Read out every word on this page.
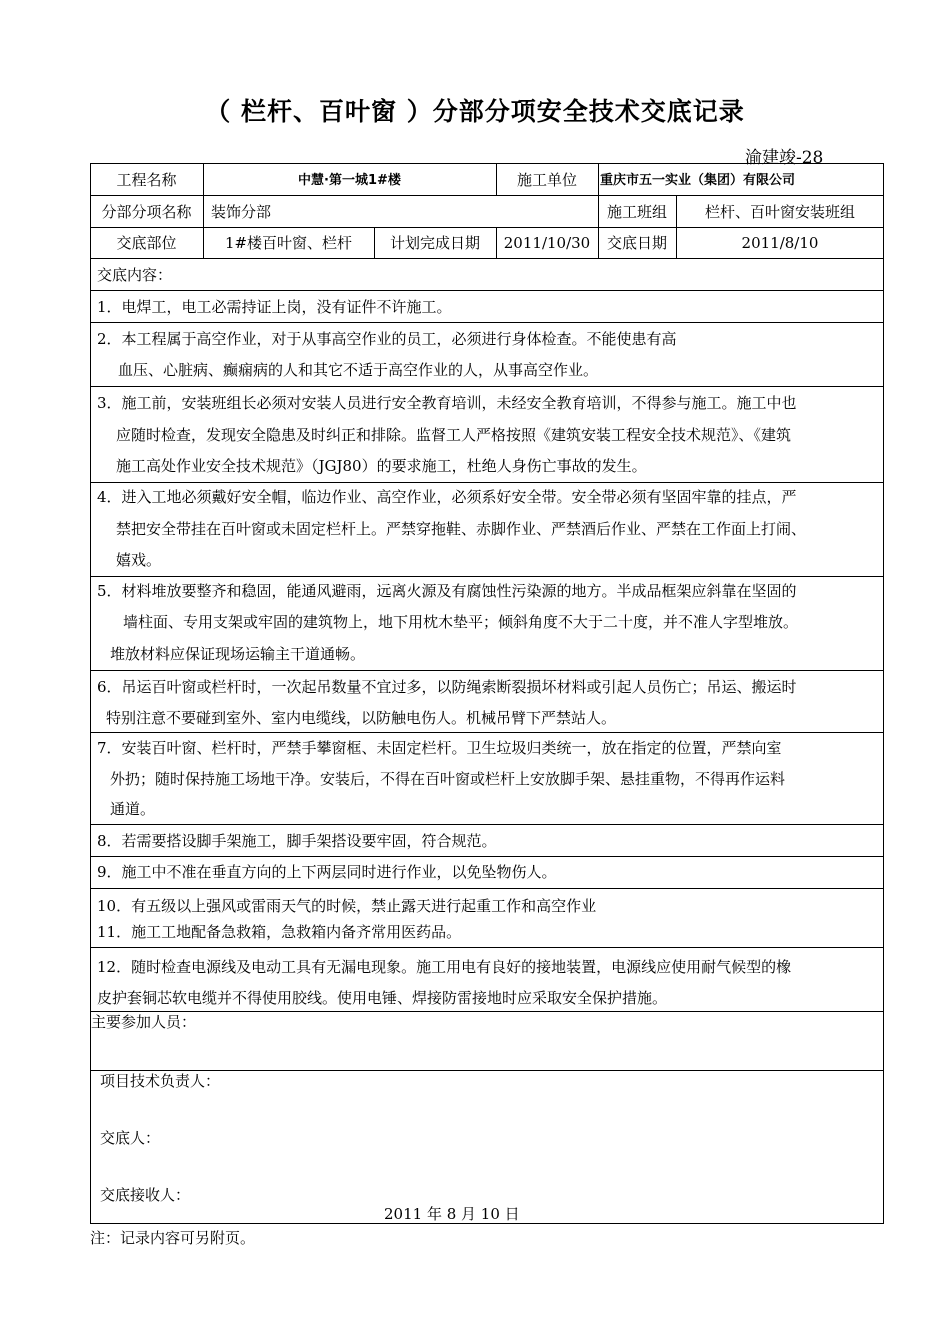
（ 栏杆、百叶窗 ）分部分项安全技术交底记录
渝建竣-28
工程名称	中慧·第一城1#楼	施工单位	重庆市五一实业（集团）有限公司
分部分项名称	装饰分部	施工班组	栏杆、百叶窗安装班组
交底部位	1#楼百叶窗、栏杆	计划完成日期	2011/10/30	交底日期	2011/8/10
交底内容：
1．电焊工，电工必需持证上岗，没有证件不许施工。
2．本工程属于高空作业，对于从事高空作业的员工，必须进行身体检查。不能使患有高
血压、心脏病、癫痫病的人和其它不适于高空作业的人，从事高空作业。
3．施工前，安装班组长必须对安装人员进行安全教育培训，未经安全教育培训，不得参与施工。施工中也
应随时检查，发现安全隐患及时纠正和排除。监督工人严格按照《建筑安装工程安全技术规范》、《建筑
施工高处作业安全技术规范》（JGJ80）的要求施工，杜绝人身伤亡事故的发生。
4．进入工地必须戴好安全帽，临边作业、高空作业，必须系好安全带。安全带必须有坚固牢靠的挂点，严
禁把安全带挂在百叶窗或未固定栏杆上。严禁穿拖鞋、赤脚作业、严禁酒后作业、严禁在工作面上打闹、
嬉戏。
5．材料堆放要整齐和稳固，能通风避雨，远离火源及有腐蚀性污染源的地方。半成品框架应斜靠在坚固的
墙柱面、专用支架或牢固的建筑物上，地下用枕木垫平；倾斜角度不大于二十度，并不准人字型堆放。
堆放材料应保证现场运输主干道通畅。
6．吊运百叶窗或栏杆时，一次起吊数量不宜过多，以防绳索断裂损坏材料或引起人员伤亡；吊运、搬运时
特别注意不要碰到室外、室内电缆线，以防触电伤人。机械吊臂下严禁站人。
7．安装百叶窗、栏杆时，严禁手攀窗框、未固定栏杆。卫生垃圾归类统一，放在指定的位置，严禁向室
外扔；随时保持施工场地干净。安装后，不得在百叶窗或栏杆上安放脚手架、悬挂重物，不得再作运料
通道。
8．若需要搭设脚手架施工，脚手架搭设要牢固，符合规范。
9．施工中不准在垂直方向的上下两层同时进行作业，以免坠物伤人。
10．有五级以上强风或雷雨天气的时候，禁止露天进行起重工作和高空作业
11．施工工地配备急救箱，急救箱内备齐常用医药品。
12．随时检查电源线及电动工具有无漏电现象。施工用电有良好的接地装置，电源线应使用耐气候型的橡
皮护套铜芯软电缆并不得使用胶线。使用电锤、焊接防雷接地时应采取安全保护措施。
主要参加人员：
项目技术负责人：
交底人：
交底接收人：
2011 年 8 月 10 日
注：记录内容可另附页。
